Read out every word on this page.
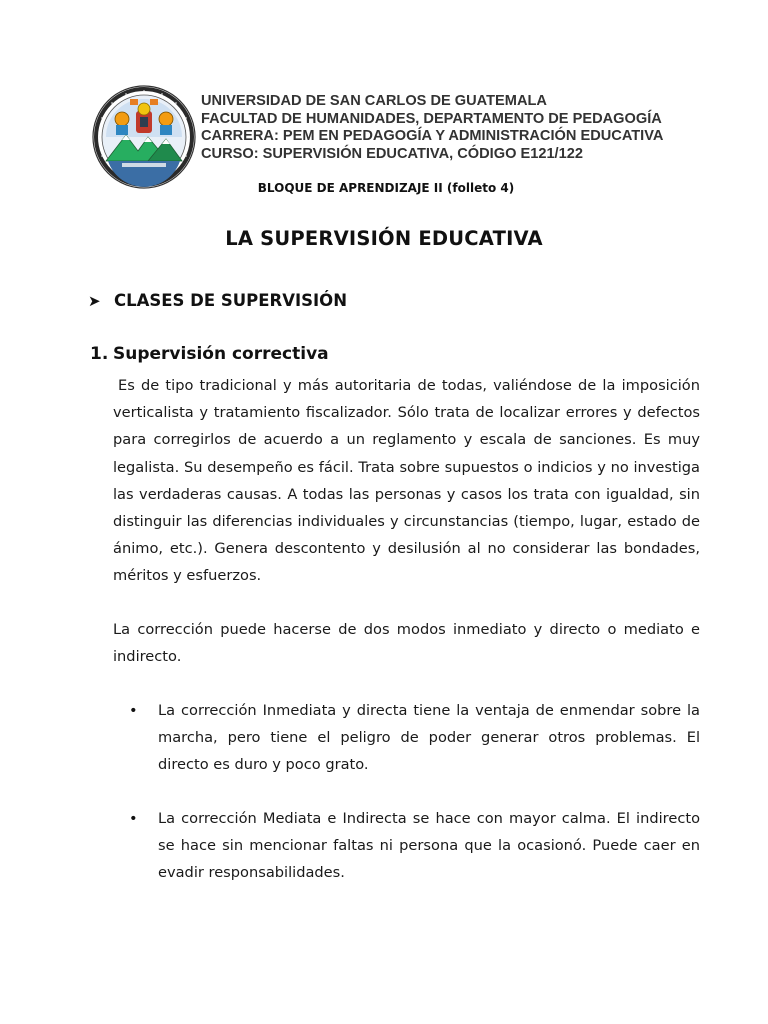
UNIVERSIDAD DE SAN CARLOS DE GUATEMALA
FACULTAD DE HUMANIDADES, DEPARTAMENTO DE PEDAGOGÍA
CARRERA: PEM EN PEDAGOGÍA Y ADMINISTRACIÓN EDUCATIVA
CURSO: SUPERVISIÓN EDUCATIVA, CÓDIGO E121/122
BLOQUE DE APRENDIZAJE II (folleto 4)
LA SUPERVISIÓN EDUCATIVA
➤ CLASES DE SUPERVISIÓN
1. Supervisión correctiva

Es de tipo tradicional y más autoritaria de todas, valiéndose de la imposición verticalista y tratamiento fiscalizador. Sólo trata de localizar errores y defectos para corregirlos de acuerdo a un reglamento y escala de sanciones. Es muy legalista. Su desempeño es fácil. Trata sobre supuestos o indicios y no investiga las verdaderas causas. A todas las personas y casos los trata con igualdad, sin distinguir las diferencias individuales y circunstancias (tiempo, lugar, estado de ánimo, etc.). Genera descontento y desilusión al no considerar las bondades, méritos y esfuerzos.

La corrección puede hacerse de dos modos inmediato y directo o mediato e indirecto.

•	La corrección Inmediata y directa tiene la ventaja de enmendar sobre la marcha, pero tiene el peligro de poder generar otros problemas. El directo es duro y poco grato.
•	La corrección Mediata e Indirecta se hace con mayor calma. El indirecto se hace sin mencionar faltas ni persona que la ocasionó. Puede caer en evadir responsabilidades.
